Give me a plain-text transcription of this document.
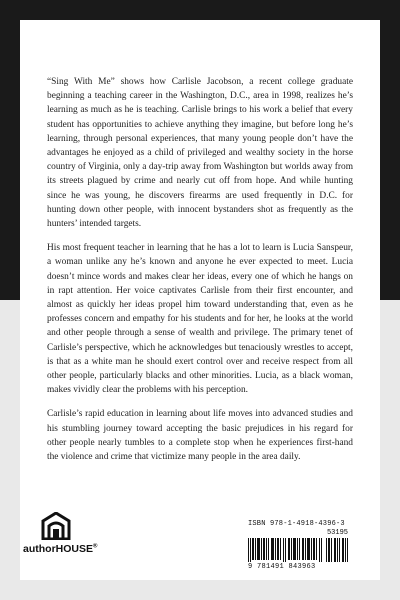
“Sing With Me” shows how Carlisle Jacobson, a recent college graduate beginning a teaching career in the Washington, D.C., area in 1998, realizes he’s learning as much as he is teaching. Carlisle brings to his work a belief that every student has opportunities to achieve anything they imagine, but before long he’s learning, through personal experiences, that many young people don’t have the advantages he enjoyed as a child of privileged and wealthy society in the horse country of Virginia, only a day-trip away from Washington but worlds away from its streets plagued by crime and nearly cut off from hope. And while hunting since he was young, he discovers firearms are used frequently in D.C. for hunting down other people, with innocent bystanders shot as frequently as the hunters’ intended targets.

His most frequent teacher in learning that he has a lot to learn is Lucia Sanspeur, a woman unlike any he’s known and anyone he ever expected to meet. Lucia doesn’t mince words and makes clear her ideas, every one of which he hangs on in rapt attention. Her voice captivates Carlisle from their first encounter, and almost as quickly her ideas propel him toward understanding that, even as he professes concern and empathy for his students and for her, he looks at the world and other people through a sense of wealth and privilege. The primary tenet of Carlisle’s perspective, which he acknowledges but tenaciously wrestles to accept, is that as a white man he should exert control over and receive respect from all other people, particularly blacks and other minorities. Lucia, as a black woman, makes vividly clear the problems with his perception.

Carlisle’s rapid education in learning about life moves into advanced studies and his stumbling journey toward accepting the basic prejudices in his regard for other people nearly tumbles to a complete stop when he experiences first-hand the violence and crime that victimize many people in the area daily.

authorHOUSE®
ISBN 978-1-4918-4396-3
53195
9 781491 843963
